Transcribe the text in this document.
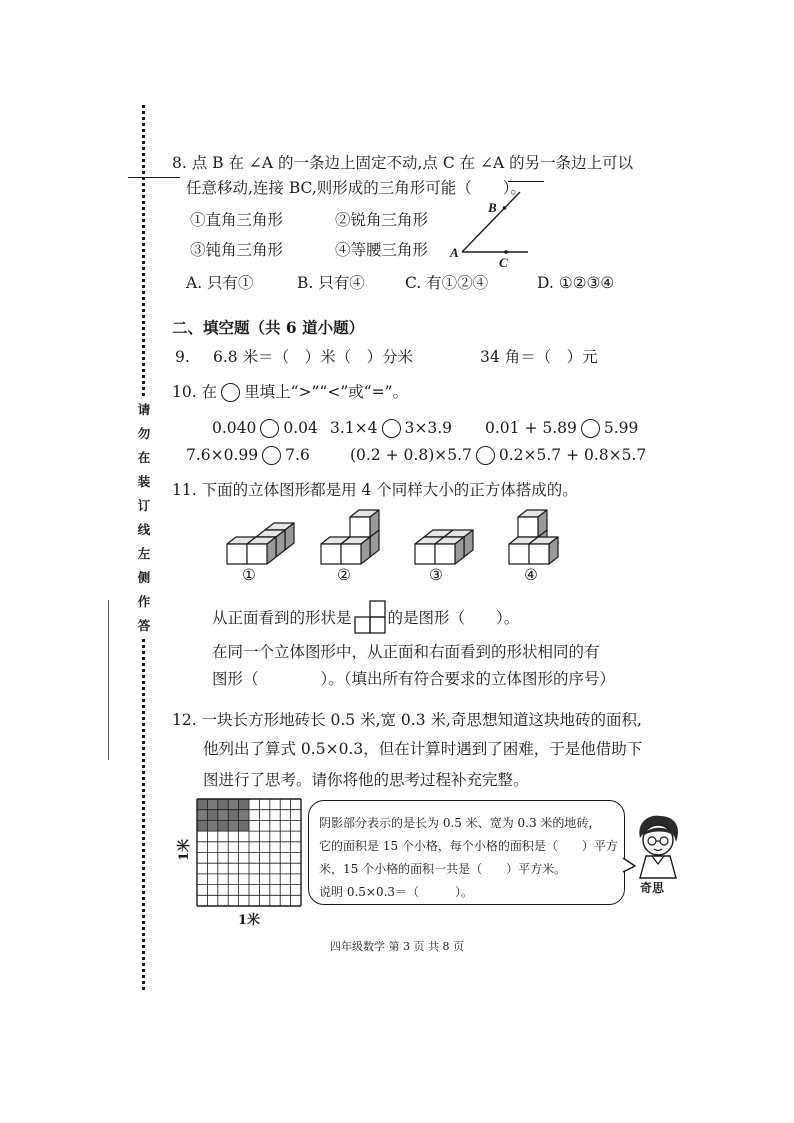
请
勿
在
装
订
线
左
侧
作
答
8. 点 B 在 ∠A 的一条边上固定不动,点 C 在 ∠A 的另一条边上可以
任意移动,连接 BC,则形成的三角形可能（　　）。
①直角三角形	②锐角三角形
③钝角三角形	④等腰三角形 A
B
C
A. 只有①	B. 只有④	C. 有①②④	D. ①②③④
二、填空题（共 6 道小题）
9. 6.8 米＝（　）米（　）分米	34 角＝（　）元
10. 在 里填上“>”“<”或“=”。
0.040 0.04 3.1×4 3×3.9 0.01 + 5.89 5.99
7.6×0.99 7.6	(0.2 + 0.8)×5.7 0.2×5.7 + 0.8×5.7
11. 下面的立体图形都是用 4 个同样大小的正方体搭成的。
①	②	③	④
从正面看到的形状是 的是图形（　　）。
在同一个立体图形中，从正面和右面看到的形状相同的有
图形（　　　　）。（填出所有符合要求的立体图形的序号）
12. 一块长方形地砖长 0.5 米,宽 0.3 米,奇思想知道这块地砖的面积,
他列出了算式 0.5×0.3，但在计算时遇到了困难，于是他借助下
图进行了思考。请你将他的思考过程补充完整。
1米
1米
阴影部分表示的是长为 0.5 米、宽为 0.3 米的地砖，
它的面积是 15 个小格，每个小格的面积是（　　）平方
米，15 个小格的面积一共是（　　）平方米。
说明 0.5×0.3＝（　　　）。	奇思
四年级数学 第 3 页 共 8 页
